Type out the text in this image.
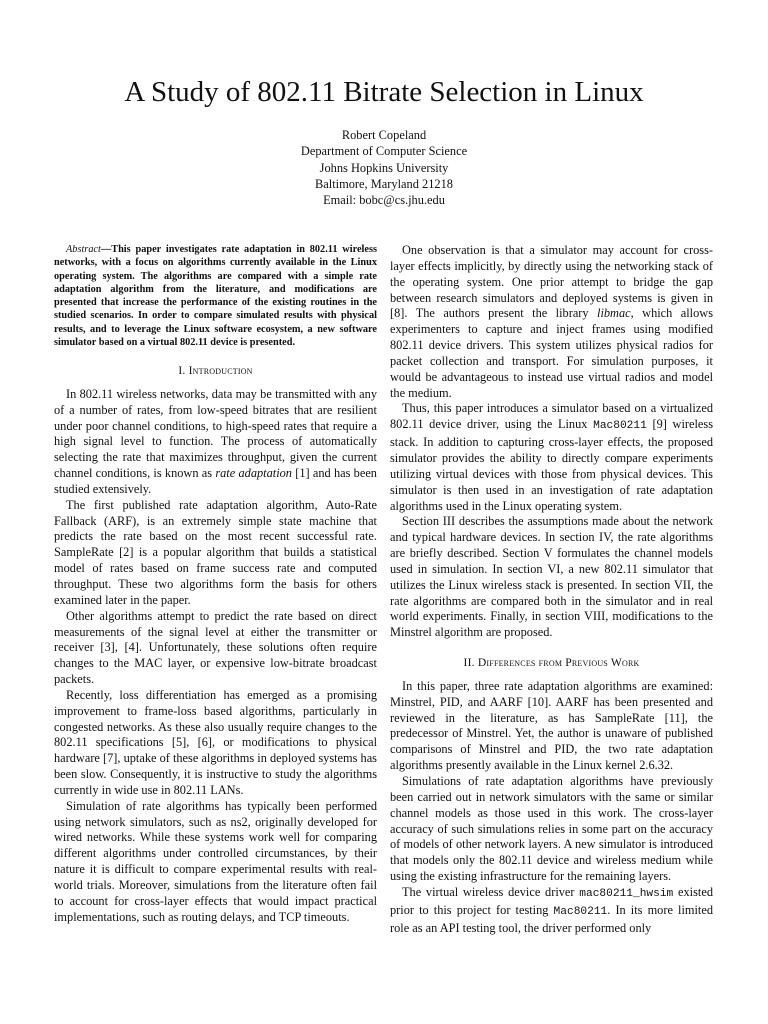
A Study of 802.11 Bitrate Selection in Linux
Robert Copeland
Department of Computer Science
Johns Hopkins University
Baltimore, Maryland 21218
Email: bobc@cs.jhu.edu

Abstract—This paper investigates rate adaptation in 802.11 wireless networks, with a focus on algorithms currently available in the Linux operating system. The algorithms are compared with a simple rate adaptation algorithm from the literature, and modifications are presented that increase the performance of the existing routines in the studied scenarios. In order to compare simulated results with physical results, and to leverage the Linux software ecosystem, a new software simulator based on a virtual 802.11 device is presented.

I. Introduction

In 802.11 wireless networks, data may be transmitted with any of a number of rates, from low-speed bitrates that are resilient under poor channel conditions, to high-speed rates that require a high signal level to function. The process of automatically selecting the rate that maximizes throughput, given the current channel conditions, is known as rate adaptation [1] and has been studied extensively.

The first published rate adaptation algorithm, Auto-Rate Fallback (ARF), is an extremely simple state machine that predicts the rate based on the most recent successful rate. SampleRate [2] is a popular algorithm that builds a statistical model of rates based on frame success rate and computed throughput. These two algorithms form the basis for others examined later in the paper.

Other algorithms attempt to predict the rate based on direct measurements of the signal level at either the transmitter or receiver [3], [4]. Unfortunately, these solutions often require changes to the MAC layer, or expensive low-bitrate broadcast packets.

Recently, loss differentiation has emerged as a promising improvement to frame-loss based algorithms, particularly in congested networks. As these also usually require changes to the 802.11 specifications [5], [6], or modifications to physical hardware [7], uptake of these algorithms in deployed systems has been slow. Consequently, it is instructive to study the algorithms currently in wide use in 802.11 LANs.

Simulation of rate algorithms has typically been performed using network simulators, such as ns2, originally developed for wired networks. While these systems work well for comparing different algorithms under controlled circumstances, by their nature it is difficult to compare experimental results with real-world trials. Moreover, simulations from the literature often fail to account for cross-layer effects that would impact practical implementations, such as routing delays, and TCP timeouts.

One observation is that a simulator may account for cross-layer effects implicitly, by directly using the networking stack of the operating system. One prior attempt to bridge the gap between research simulators and deployed systems is given in [8]. The authors present the library libmac, which allows experimenters to capture and inject frames using modified 802.11 device drivers. This system utilizes physical radios for packet collection and transport. For simulation purposes, it would be advantageous to instead use virtual radios and model the medium.

Thus, this paper introduces a simulator based on a virtualized 802.11 device driver, using the Linux Mac80211 [9] wireless stack. In addition to capturing cross-layer effects, the proposed simulator provides the ability to directly compare experiments utilizing virtual devices with those from physical devices. This simulator is then used in an investigation of rate adaptation algorithms used in the Linux operating system.

Section III describes the assumptions made about the network and typical hardware devices. In section IV, the rate algorithms are briefly described. Section V formulates the channel models used in simulation. In section VI, a new 802.11 simulator that utilizes the Linux wireless stack is presented. In section VII, the rate algorithms are compared both in the simulator and in real world experiments. Finally, in section VIII, modifications to the Minstrel algorithm are proposed.

II. Differences from Previous Work

In this paper, three rate adaptation algorithms are examined: Minstrel, PID, and AARF [10]. AARF has been presented and reviewed in the literature, as has SampleRate [11], the predecessor of Minstrel. Yet, the author is unaware of published comparisons of Minstrel and PID, the two rate adaptation algorithms presently available in the Linux kernel 2.6.32.

Simulations of rate adaptation algorithms have previously been carried out in network simulators with the same or similar channel models as those used in this work. The cross-layer accuracy of such simulations relies in some part on the accuracy of models of other network layers. A new simulator is introduced that models only the 802.11 device and wireless medium while using the existing infrastructure for the remaining layers.

The virtual wireless device driver mac80211_hwsim existed prior to this project for testing Mac80211. In its more limited role as an API testing tool, the driver performed only
